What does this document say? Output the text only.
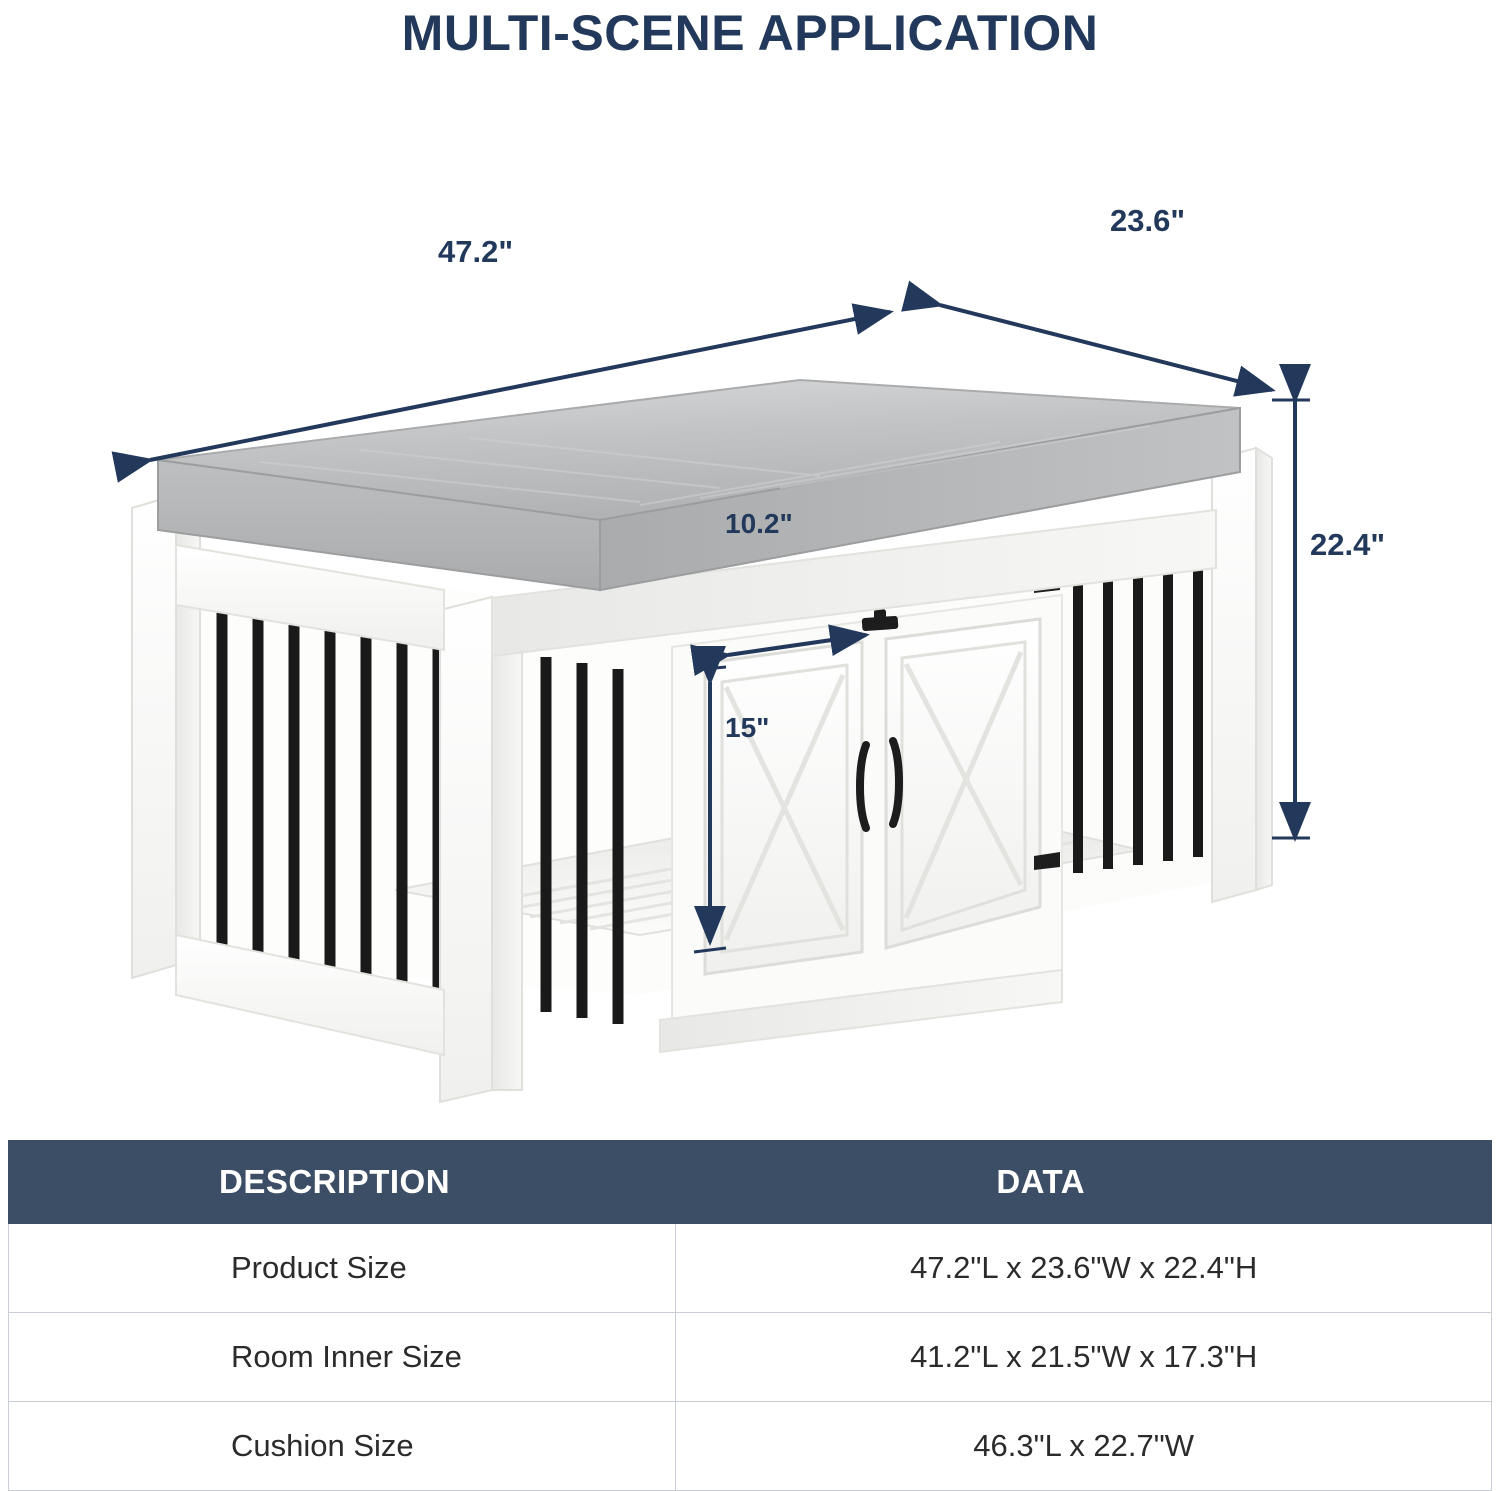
MULTI-SCENE APPLICATION
47.2"
23.6"
22.4"
10.2"
15"
DESCRIPTION	DATA
Product Size	47.2"L x 23.6"W x 22.4"H
Room Inner Size	41.2"L x 21.5"W x 17.3"H
Cushion Size	46.3"L x 22.7"W
